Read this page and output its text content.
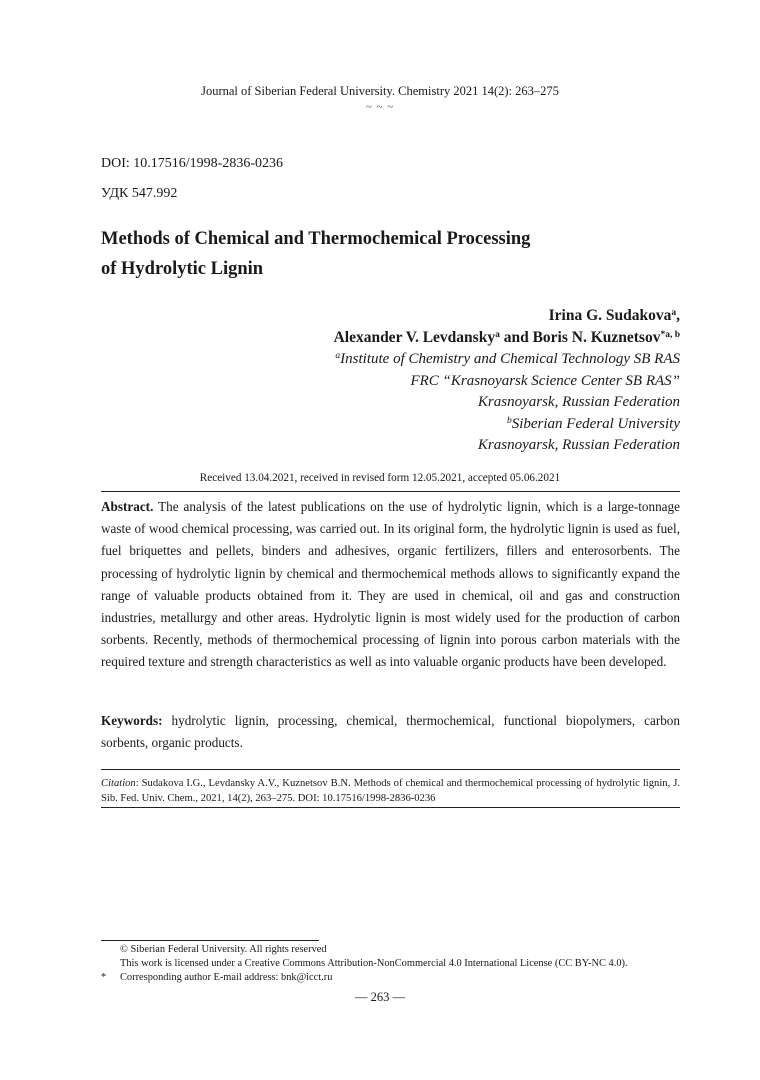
Journal of Siberian Federal University. Chemistry 2021 14(2): 263–275
~ ~ ~
DOI: 10.17516/1998-2836-0236
УДК 547.992
Methods of Chemical and Thermochemical Processing
of Hydrolytic Lignin
Irina G. Sudakova$^a$,
Alexander V. Levdansky$^a$ and Boris N. Kuznetsov$^{*a, b}$
$^a$Institute of Chemistry and Chemical Technology SB RAS
FRC “Krasnoyarsk Science Center SB RAS”
Krasnoyarsk, Russian Federation
$^b$Siberian Federal University
Krasnoyarsk, Russian Federation
Received 13.04.2021, received in revised form 12.05.2021, accepted 05.06.2021
Abstract. The analysis of the latest publications on the use of hydrolytic lignin, which is a large-tonnage waste of wood chemical processing, was carried out. In its original form, the hydrolytic lignin is used as fuel, fuel briquettes and pellets, binders and adhesives, organic fertilizers, fillers and enterosorbents. The processing of hydrolytic lignin by chemical and thermochemical methods allows to significantly expand the range of valuable products obtained from it. They are used in chemical, oil and gas and construction industries, metallurgy and other areas. Hydrolytic lignin is most widely used for the production of carbon sorbents. Recently, methods of thermochemical processing of lignin into porous carbon materials with the required texture and strength characteristics as well as into valuable organic products have been developed.
Keywords: hydrolytic lignin, processing, chemical, thermochemical, functional biopolymers, carbon sorbents, organic products.
Citation: Sudakova I.G., Levdansky A.V., Kuznetsov B.N. Methods of chemical and thermochemical processing of hydrolytic lignin, J. Sib. Fed. Univ. Chem., 2021, 14(2), 263–275. DOI: 10.17516/1998-2836-0236
© Siberian Federal University. All rights reserved
This work is licensed under a Creative Commons Attribution-NonCommercial 4.0 International License (CC BY-NC 4.0).
*	Corresponding author E-mail address: bnk@icct.ru
— 263 —
